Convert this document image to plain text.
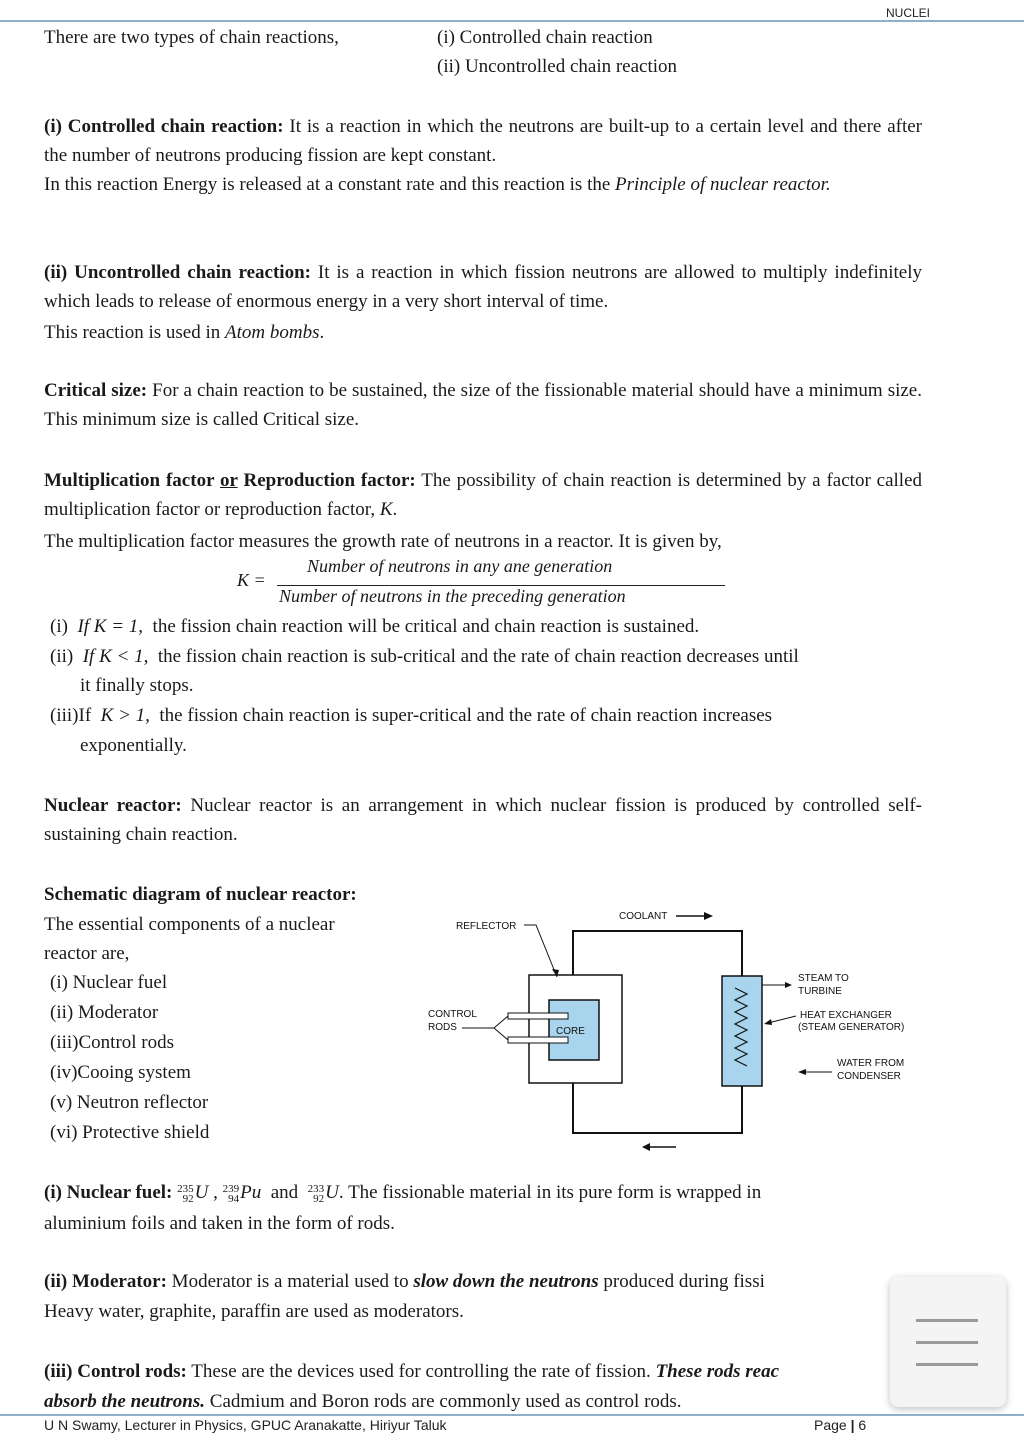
NUCLEI
There are two types of chain reactions,	(i) Controlled chain reaction
(ii) Uncontrolled chain reaction
(i) Controlled chain reaction: It is a reaction in which the neutrons are built-up to a certain level and there after the number of neutrons producing fission are kept constant.
In this reaction Energy is released at a constant rate and this reaction is the Principle of nuclear reactor.
(ii) Uncontrolled chain reaction: It is a reaction in which fission neutrons are allowed to multiply indefinitely which leads to release of enormous energy in a very short interval of time.
This reaction is used in Atom bombs.
Critical size: For a chain reaction to be sustained, the size of the fissionable material should have a minimum size. This minimum size is called Critical size.
Multiplication factor or Reproduction factor: The possibility of chain reaction is determined by a factor called multiplication factor or reproduction factor, K.
The multiplication factor measures the growth rate of neutrons in a reactor. It is given by,
K =
Number of neutrons in any ane generation
Number of neutrons in the preceding generation
(i) If K = 1, the fission chain reaction will be critical and chain reaction is sustained.
(ii) If K < 1, the fission chain reaction is sub-critical and the rate of chain reaction decreases until
it finally stops.
(iii)If K > 1, the fission chain reaction is super-critical and the rate of chain reaction increases
exponentially.
Nuclear reactor: Nuclear reactor is an arrangement in which nuclear fission is produced by controlled self-sustaining chain reaction.
Schematic diagram of nuclear reactor:
The essential components of a nuclear
reactor are,
(i) Nuclear fuel
(ii) Moderator
(iii)Control rods
(iv)Cooing system
(v) Neutron reflector
(vi) Protective shield
CORE
REFLECTOR
COOLANT
CONTROL
RODS
STEAM TO
TURBINE
HEAT EXCHANGER
(STEAM GENERATOR)
WATER FROM
CONDENSER
(i) Nuclear fuel: 235
92U , 239
94Pu and 233
92U. The fissionable material in its pure form is wrapped in
aluminium foils and taken in the form of rods.
(ii) Moderator: Moderator is a material used to slow down the neutrons produced during fissi
Heavy water, graphite, paraffin are used as moderators.
(iii) Control rods: These are the devices used for controlling the rate of fission. These rods reac
absorb the neutrons. Cadmium and Boron rods are commonly used as control rods.
U N Swamy, Lecturer in Physics, GPUC Aranakatte, Hiriyur Taluk	Page | 6
